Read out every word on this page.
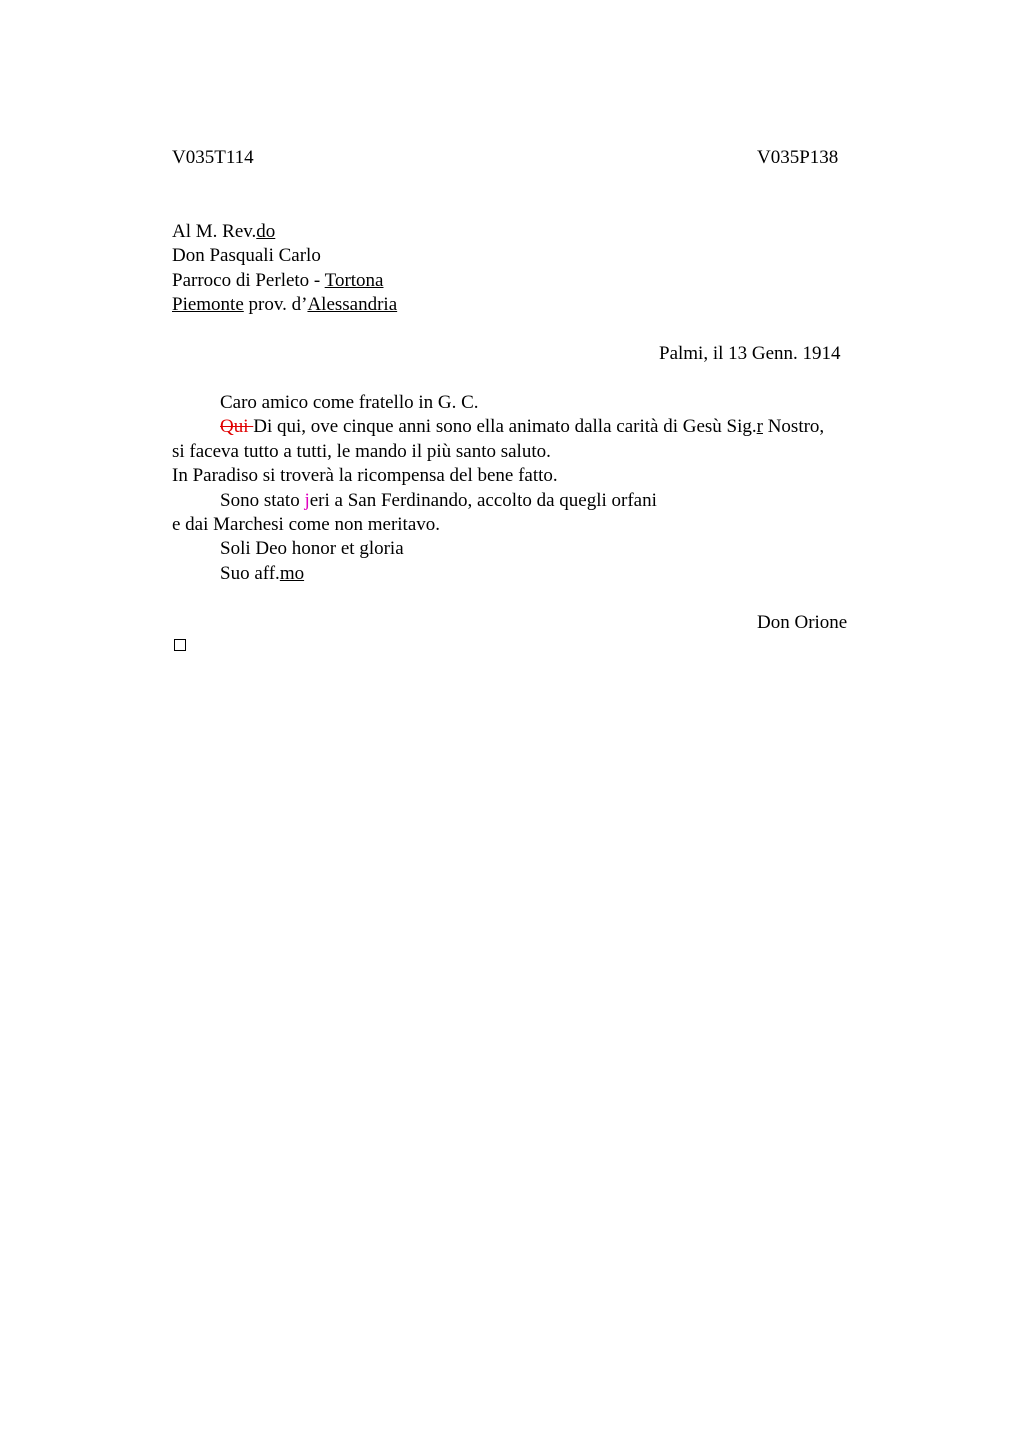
V035T114	V035P138
Al M. Rev.do
Don Pasquali Carlo
Parroco di Perleto - Tortona
Piemonte prov. d’Alessandria
Palmi, il 13 Genn. 1914
Caro amico come fratello in G. C.
Qui Di qui, ove cinque anni sono ella animato dalla carità di Gesù Sig.r Nostro,
si faceva tutto a tutti, le mando il più santo saluto.
In Paradiso si troverà la ricompensa del bene fatto.
Sono stato jeri a San Ferdinando, accolto da quegli orfani
e dai Marchesi come non meritavo.
Soli Deo honor et gloria
Suo aff.mo
Don Orione
